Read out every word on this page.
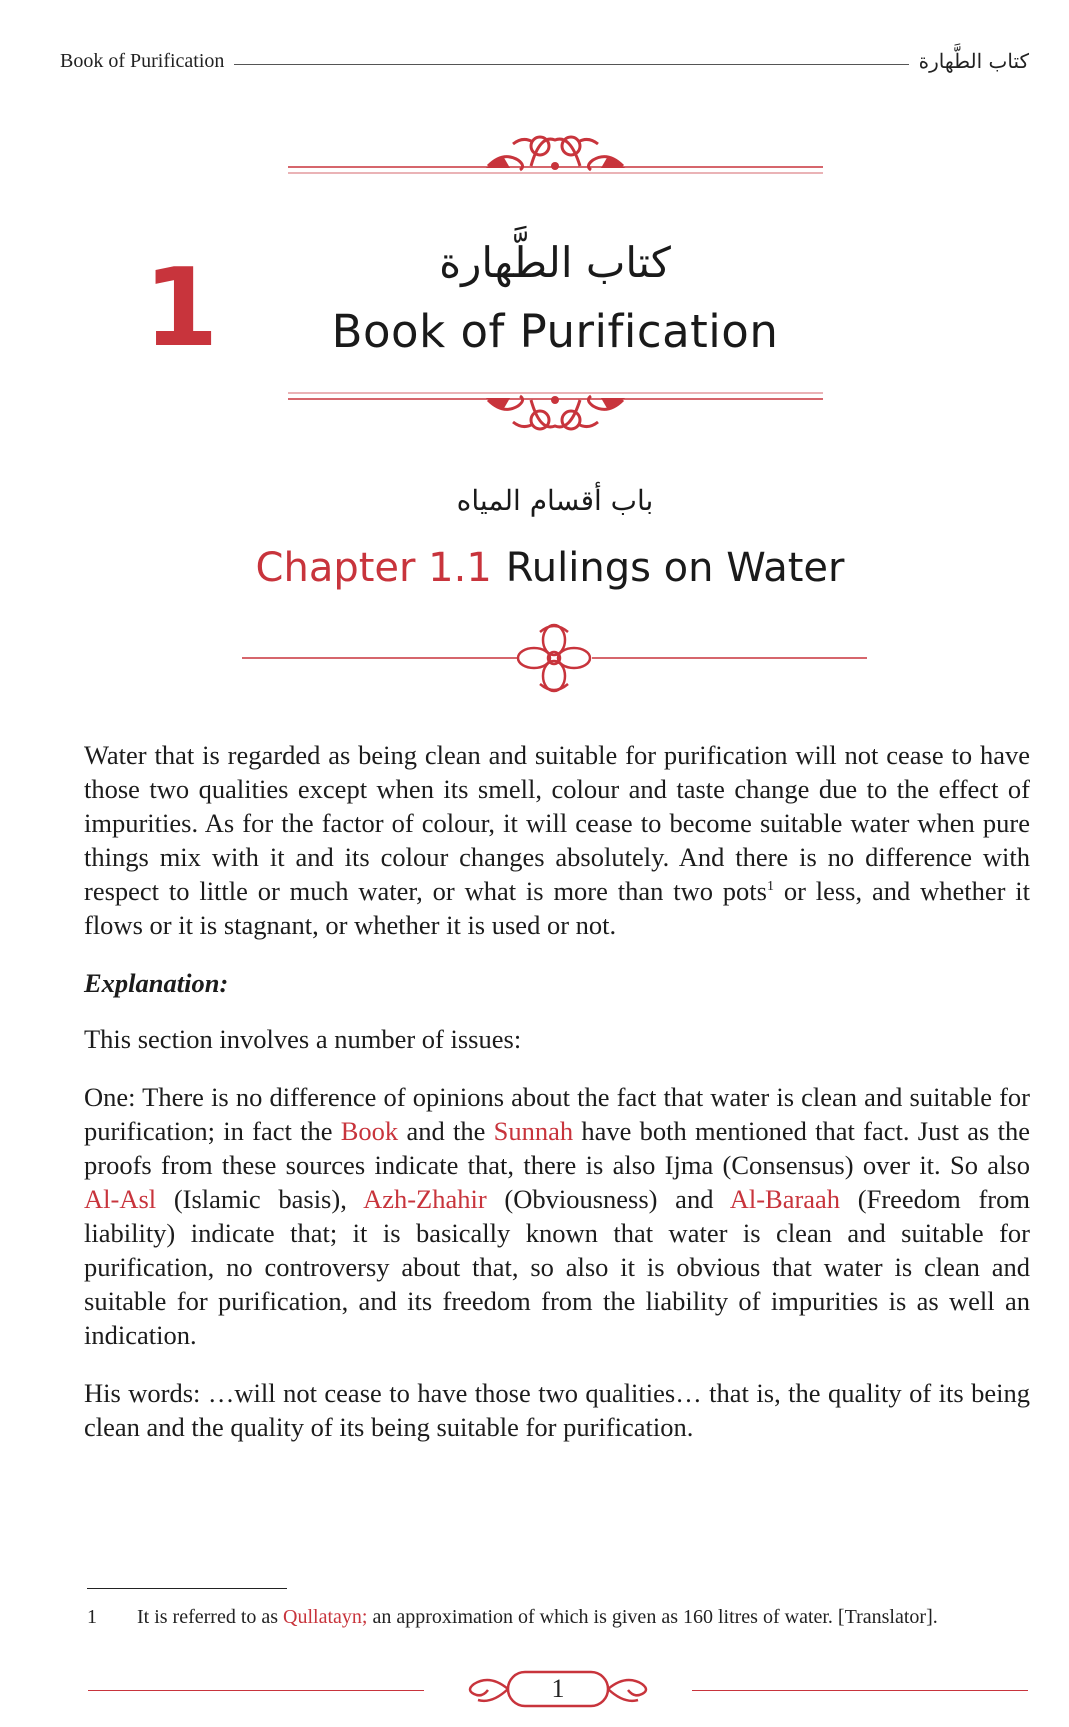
Book of Purification	كتاب الطَّهارة
1	كتاب الطَّهارة
Book of Purification
باب أقسام المياه
Chapter 1.1 Rulings on Water

Water that is regarded as being clean and suitable for purification will not cease to have those two qualities except when its smell, colour and taste change due to the effect of impurities. As for the factor of colour, it will cease to become suitable water when pure things mix with it and its colour changes absolutely. And there is no difference with respect to little or much water, or what is more than two pots$^1$ or less, and whether it flows or it is stagnant, or whether it is used or not.

Explanation:

This section involves a number of issues:

One: There is no difference of opinions about the fact that water is clean and suitable for purification; in fact the Book and the Sunnah have both mentioned that fact. Just as the proofs from these sources indicate that, there is also Ijma (Consensus) over it. So also Al-Asl (Islamic basis), Azh-Zhahir (Obviousness) and Al-Baraah (Freedom from liability) indicate that; it is basically known that water is clean and suitable for purification, no controversy about that, so also it is obvious that water is clean and suitable for purification, and its freedom from the liability of impurities is as well an indication.

His words: …will not cease to have those two qualities… that is, the quality of its being clean and the quality of its being suitable for purification.

1	It is referred to as Qullatayn; an approximation of which is given as 160 litres of water. [Translator].
1
